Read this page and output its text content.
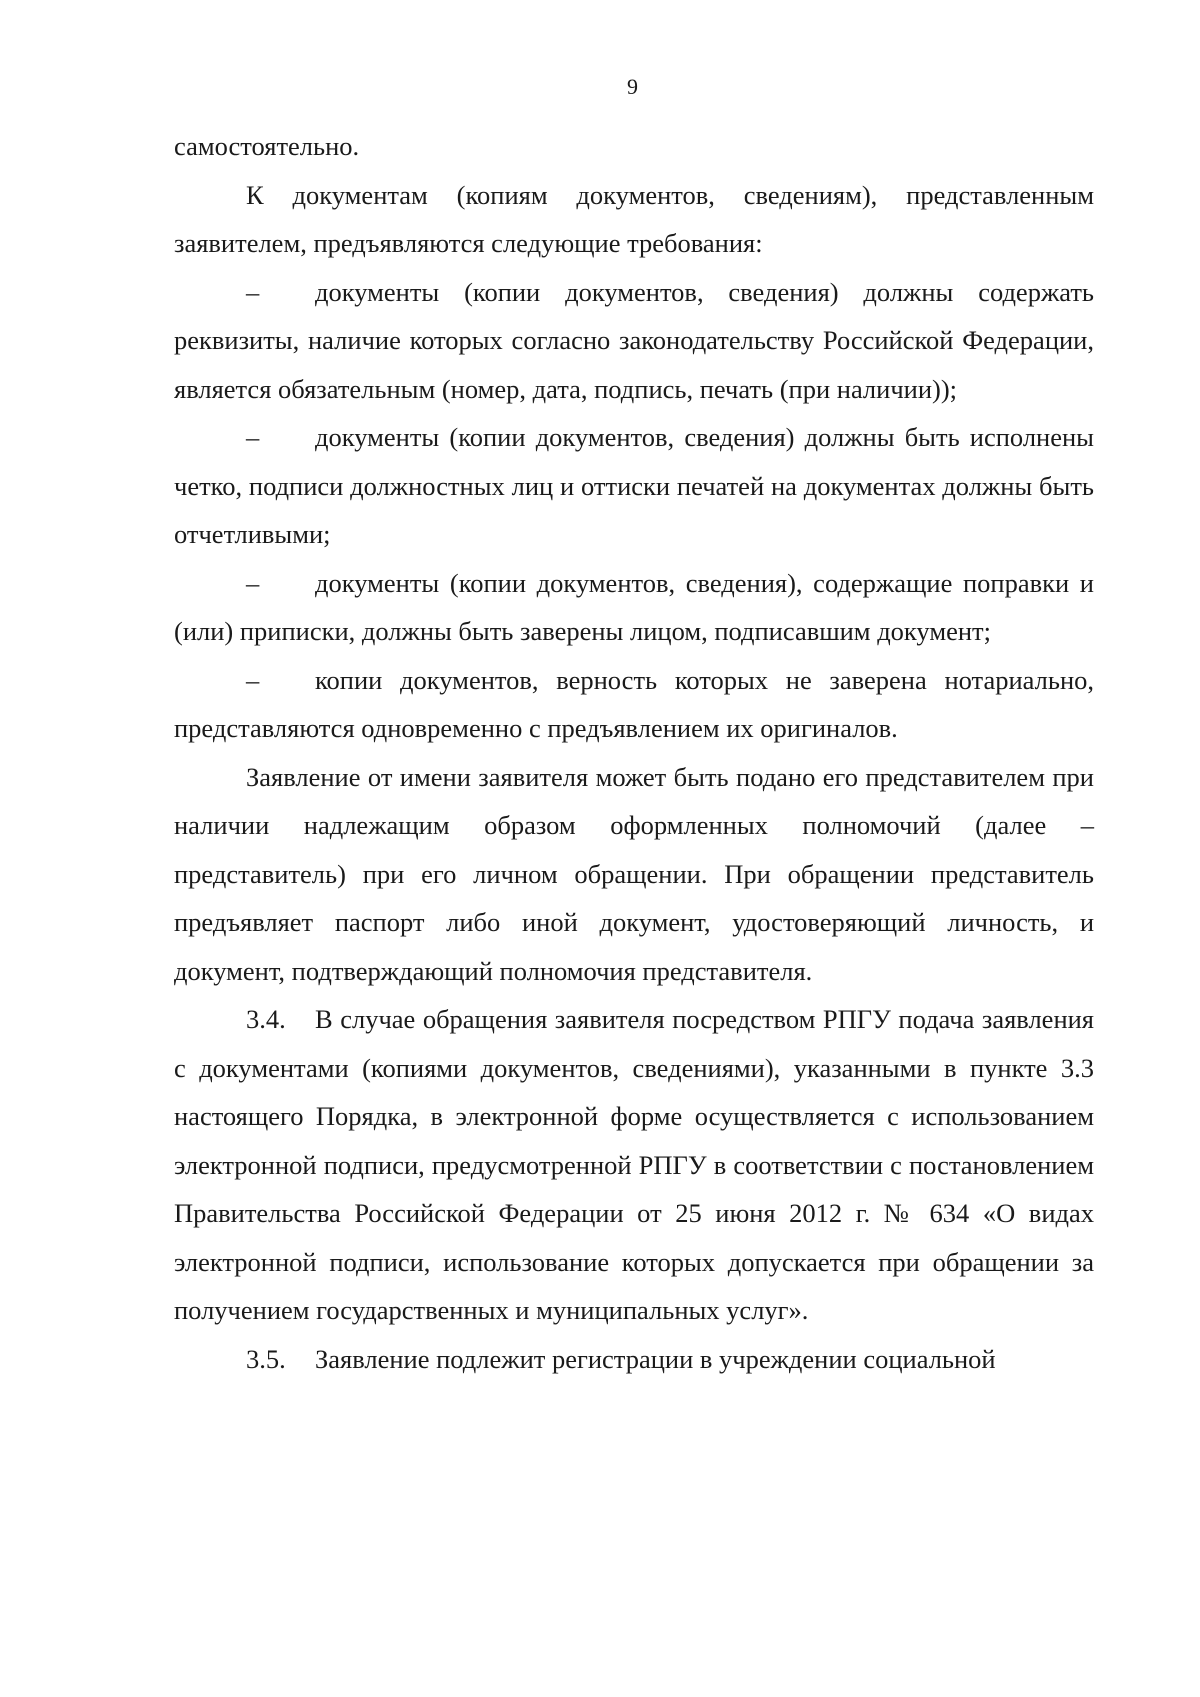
9

самостоятельно.

К документам (копиям документов, сведениям), представленным заявителем, предъявляются следующие требования:

– документы (копии документов, сведения) должны содержать реквизиты, наличие которых согласно законодательству Российской Федерации, является обязательным (номер, дата, подпись, печать (при наличии));

– документы (копии документов, сведения) должны быть исполнены четко, подписи должностных лиц и оттиски печатей на документах должны быть отчетливыми;

– документы (копии документов, сведения), содержащие поправки и (или) приписки, должны быть заверены лицом, подписавшим документ;

– копии документов, верность которых не заверена нотариально, представляются одновременно с предъявлением их оригиналов.

Заявление от имени заявителя может быть подано его представителем при наличии надлежащим образом оформленных полномочий (далее – представитель) при его личном обращении. При обращении представитель предъявляет паспорт либо иной документ, удостоверяющий личность, и документ, подтверждающий полномочия представителя.

3.4. В случае обращения заявителя посредством РПГУ подача заявления с документами (копиями документов, сведениями), указанными в пункте 3.3 настоящего Порядка, в электронной форме осуществляется с использованием электронной подписи, предусмотренной РПГУ в соответствии с постановлением Правительства Российской Федерации от 25 июня 2012 г. № 634 «О видах электронной подписи, использование которых допускается при обращении за получением государственных и муниципальных услуг».

3.5. Заявление подлежит регистрации в учреждении социальной
